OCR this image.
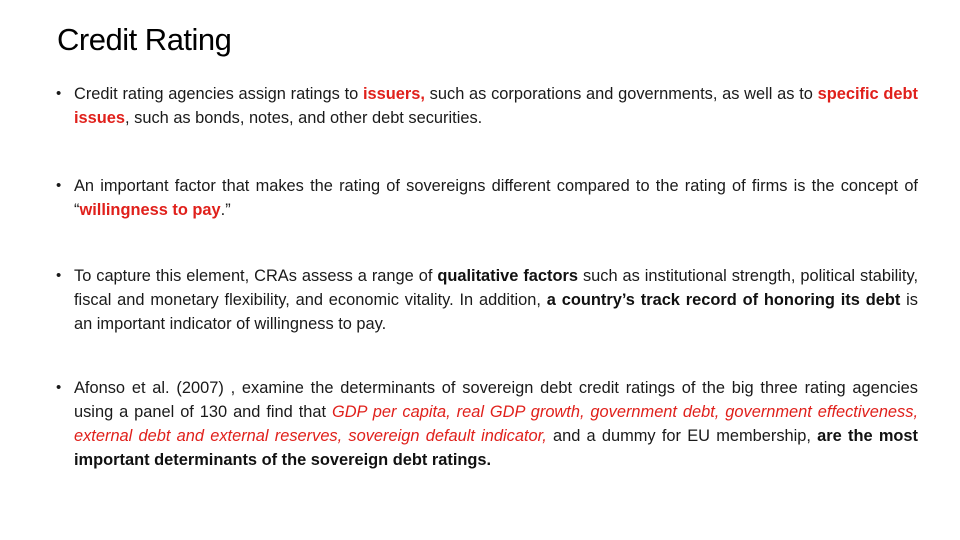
Credit Rating
• Credit rating agencies assign ratings to issuers, such as corporations and governments, as well as to specific debt issues, such as bonds, notes, and other debt securities.
• An important factor that makes the rating of sovereigns different compared to the rating of firms is the concept of “willingness to pay.”
• To capture this element, CRAs assess a range of qualitative factors such as institutional strength, political stability, fiscal and monetary flexibility, and economic vitality. In addition, a country’s track record of honoring its debt is an important indicator of willingness to pay.
• Afonso et al. (2007) , examine the determinants of sovereign debt credit ratings of the big three rating agencies using a panel of 130 and find that GDP per capita, real GDP growth, government debt, government effectiveness, external debt and external reserves, sovereign default indicator, and a dummy for EU membership, are the most important determinants of the sovereign debt ratings.
